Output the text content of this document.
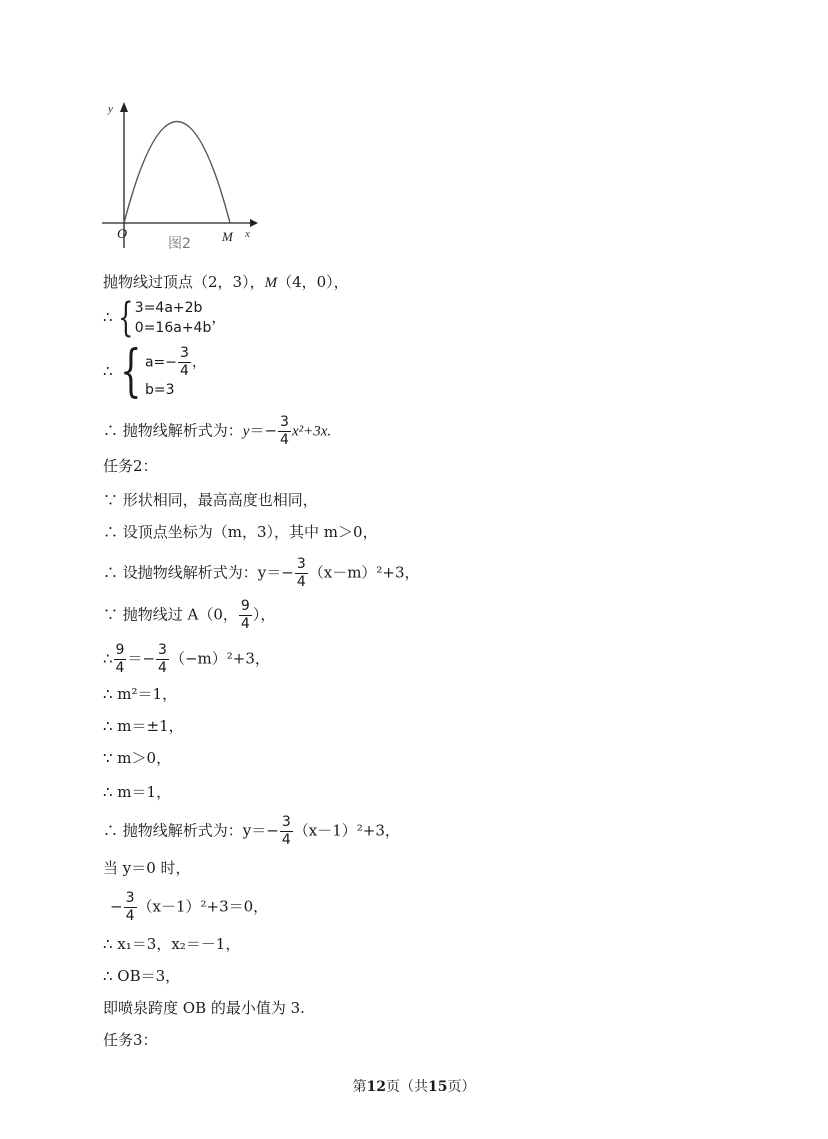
y
x
O	M
图2
抛物线过顶点（2，3），M（4，0），
∴ { 3=4a+2b
0=16a+4b
，
∴ { $a=- \frac{3}{4}$ ，
b=3
∴ 抛物线解析式为：$y=- \frac{3}{4} x^2+3x$.
任务2：
∵ 形状相同，最高高度也相同，
∴ 设顶点坐标为（m，3），其中 m＞0，
∴ 设抛物线解析式为：$y=- \frac{3}{4} (x-m)^2+3$，
∵ 抛物线过 A（0， $\frac{9}{4}$ ），
∴ $\frac{9}{4} =- \frac{3}{4} (-m)^2+3$，
∴ m²＝1，
∴ m＝±1，
∵ m＞0，
∴ m＝1，
∴ 抛物线解析式为：$y=- \frac{3}{4} (x-1)^2+3$，
当 y＝0 时，
− $\frac{3}{4} (x-1)^2+3=0$，
∴ x₁＝3，x₂＝－1，
∴ OB＝3，
即喷泉跨度 OB 的最小值为 3.
任务3：
第12页（共15页）
